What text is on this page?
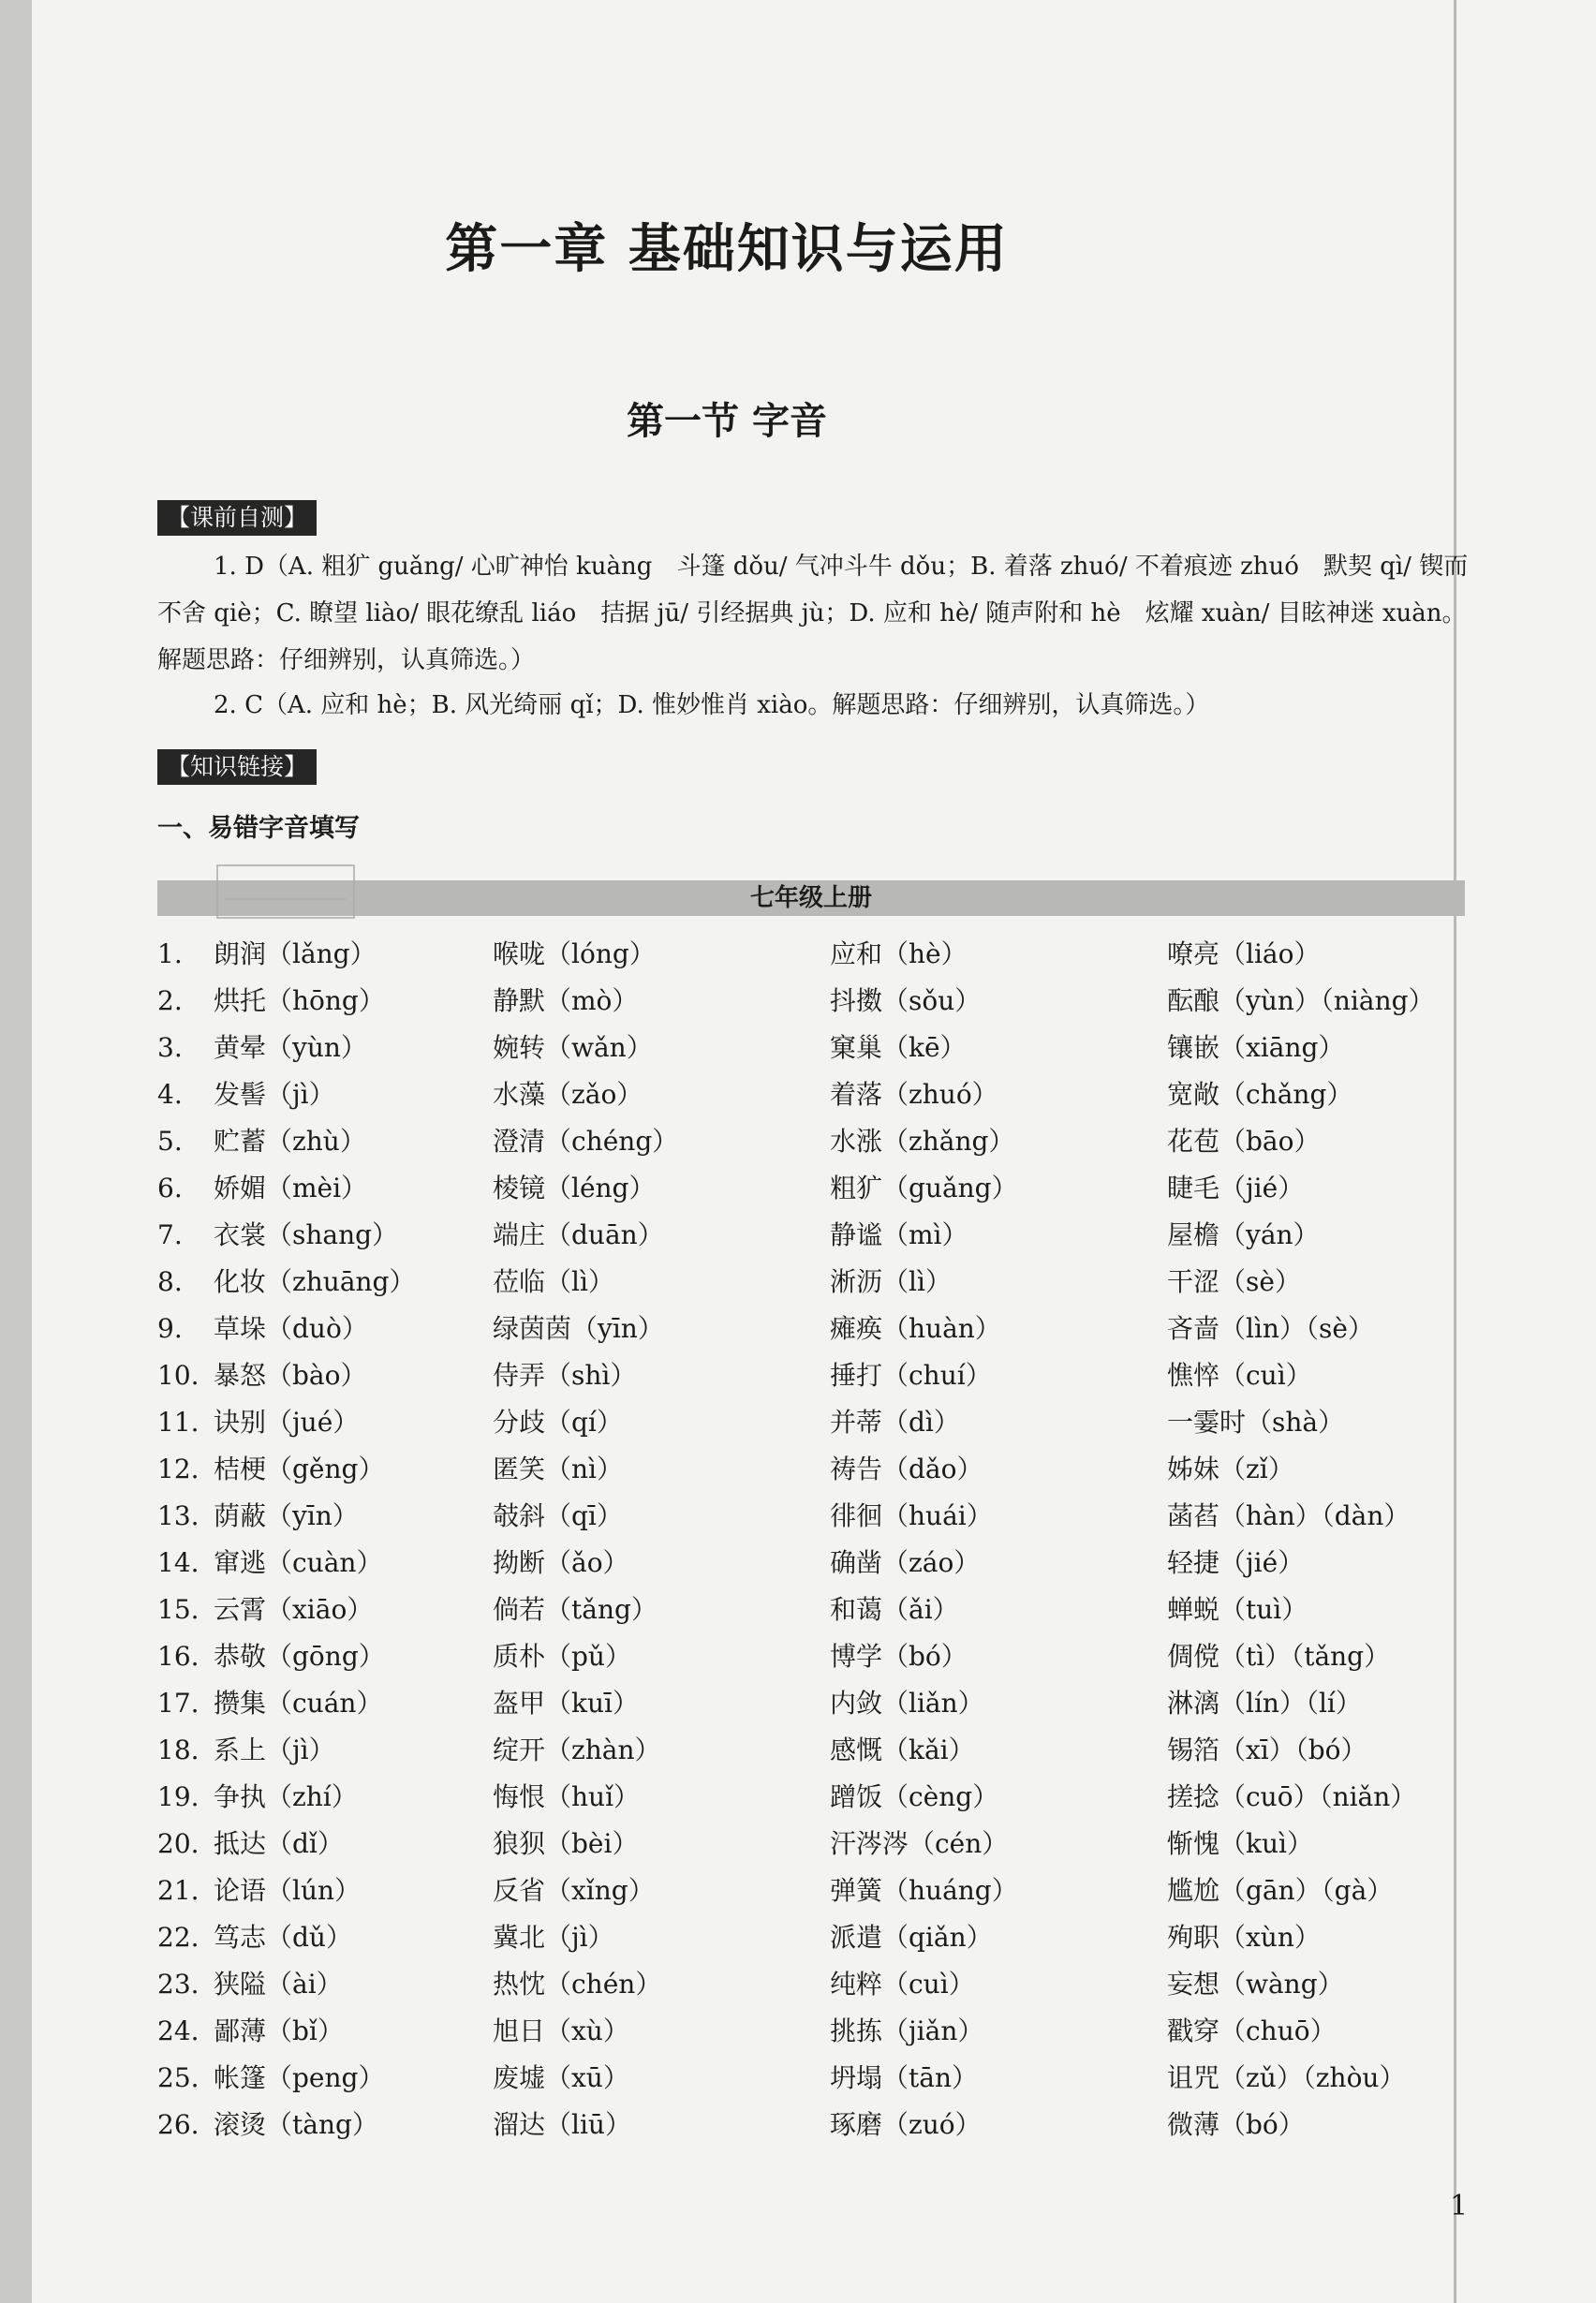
第一章 基础知识与运用
第一节 字音
【课前自测】
1. D（A. 粗犷 guǎng/ 心旷神怡 kuàng　斗篷 dǒu/ 气冲斗牛 dǒu；B. 着落 zhuó/ 不着痕迹 zhuó　默契 qì/ 锲而不舍 qiè；C. 瞭望 liào/ 眼花缭乱 liáo　拮据 jū/ 引经据典 jù；D. 应和 hè/ 随声附和 hè　炫耀 xuàn/ 目眩神迷 xuàn。解题思路：仔细辨别，认真筛选。）
2. C（A. 应和 hè；B. 风光绮丽 qǐ；D. 惟妙惟肖 xiào。解题思路：仔细辨别，认真筛选。）
【知识链接】
一、易错字音填写
七年级上册
1. 朗润（lǎng）	喉咙（lóng）	应和（hè）	嘹亮（liáo）
2. 烘托（hōng）	静默（mò）	抖擞（sǒu）	酝酿（yùn）（niàng）
3. 黄晕（yùn）	婉转（wǎn）	窠巢（kē）	镶嵌（xiāng）
4. 发髻（jì）	水藻（zǎo）	着落（zhuó）	宽敞（chǎng）
5. 贮蓄（zhù）	澄清（chéng）	水涨（zhǎng）	花苞（bāo）
6. 娇媚（mèi）	棱镜（léng）	粗犷（guǎng）	睫毛（jié）
7. 衣裳（shang）	端庄（duān）	静谧（mì）	屋檐（yán）
8. 化妆（zhuāng）	莅临（lì）	淅沥（lì）	干涩（sè）
9. 草垛（duò）	绿茵茵（yīn）	瘫痪（huàn）	吝啬（lìn）（sè）
10. 暴怒（bào）	侍弄（shì）	捶打（chuí）	憔悴（cuì）
11. 诀别（jué）	分歧（qí）	并蒂（dì）	一霎时（shà）
12. 桔梗（gěng）	匿笑（nì）	祷告（dǎo）	姊妹（zǐ）
13. 荫蔽（yīn）	攲斜（qī）	徘徊（huái）	菡萏（hàn）（dàn）
14. 窜逃（cuàn）	拗断（ǎo）	确凿（záo）	轻捷（jié）
15. 云霄（xiāo）	倘若（tǎng）	和蔼（ǎi）	蝉蜕（tuì）
16. 恭敬（gōng）	质朴（pǔ）	博学（bó）	倜傥（tì）（tǎng）
17. 攒集（cuán）	盔甲（kuī）	内敛（liǎn）	淋漓（lín）（lí）
18. 系上（jì）	绽开（zhàn）	感慨（kǎi）	锡箔（xī）（bó）
19. 争执（zhí）	悔恨（huǐ）	蹭饭（cèng）	搓捻（cuō）（niǎn）
20. 抵达（dǐ）	狼狈（bèi）	汗涔涔（cén）	惭愧（kuì）
21. 论语（lún）	反省（xǐng）	弹簧（huáng）	尴尬（gān）（gà）
22. 笃志（dǔ）	冀北（jì）	派遣（qiǎn）	殉职（xùn）
23. 狭隘（ài）	热忱（chén）	纯粹（cuì）	妄想（wàng）
24. 鄙薄（bǐ）	旭日（xù）	挑拣（jiǎn）	戳穿（chuō）
25. 帐篷（peng）	废墟（xū）	坍塌（tān）	诅咒（zǔ）（zhòu）
26. 滚烫（tàng）	溜达（liū）	琢磨（zuó）	微薄（bó）
1
